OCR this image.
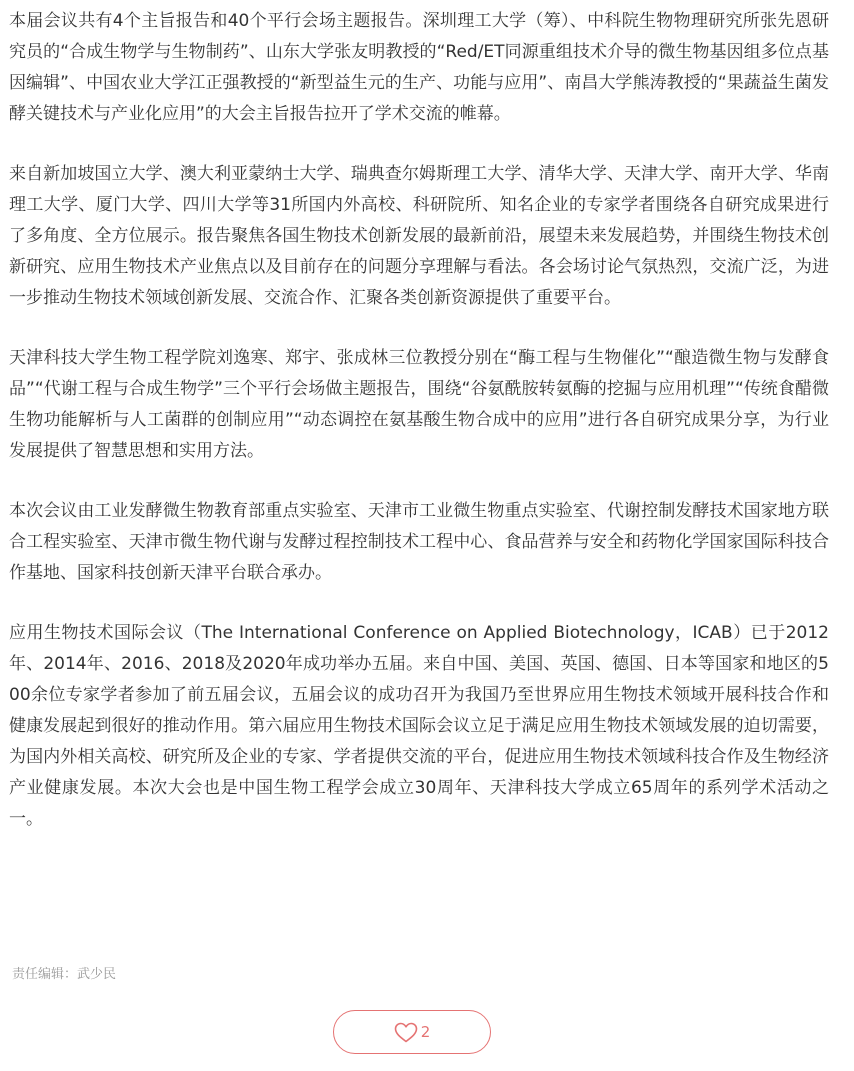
本届会议共有4个主旨报告和40个平行会场主题报告。深圳理工大学（筹）、中科院生物物理研究所张先恩研究员的“合成生物学与生物制药”、山东大学张友明教授的“Red/ET同源重组技术介导的微生物基因组多位点基因编辑”、中国农业大学江正强教授的“新型益生元的生产、功能与应用”、南昌大学熊涛教授的“果蔬益生菌发酵关键技术与产业化应用”的大会主旨报告拉开了学术交流的帷幕。

来自新加坡国立大学、澳大利亚蒙纳士大学、瑞典查尔姆斯理工大学、清华大学、天津大学、南开大学、华南理工大学、厦门大学、四川大学等31所国内外高校、科研院所、知名企业的专家学者围绕各自研究成果进行了多角度、全方位展示。报告聚焦各国生物技术创新发展的最新前沿，展望未来发展趋势，并围绕生物技术创新研究、应用生物技术产业焦点以及目前存在的问题分享理解与看法。各会场讨论气氛热烈，交流广泛，为进一步推动生物技术领域创新发展、交流合作、汇聚各类创新资源提供了重要平台。

天津科技大学生物工程学院刘逸寒、郑宇、张成林三位教授分别在“酶工程与生物催化”“酿造微生物与发酵食品”“代谢工程与合成生物学”三个平行会场做主题报告，围绕“谷氨酰胺转氨酶的挖掘与应用机理”“传统食醋微生物功能解析与人工菌群的创制应用”“动态调控在氨基酸生物合成中的应用”进行各自研究成果分享，为行业发展提供了智慧思想和实用方法。

本次会议由工业发酵微生物教育部重点实验室、天津市工业微生物重点实验室、代谢控制发酵技术国家地方联合工程实验室、天津市微生物代谢与发酵过程控制技术工程中心、食品营养与安全和药物化学国家国际科技合作基地、国家科技创新天津平台联合承办。

应用生物技术国际会议（The International Conference on Applied Biotechnology，ICAB）已于2012年、2014年、2016、2018及2020年成功举办五届。来自中国、美国、英国、德国、日本等国家和地区的500余位专家学者参加了前五届会议，五届会议的成功召开为我国乃至世界应用生物技术领域开展科技合作和健康发展起到很好的推动作用。第六届应用生物技术国际会议立足于满足应用生物技术领域发展的迫切需要，为国内外相关高校、研究所及企业的专家、学者提供交流的平台，促进应用生物技术领域科技合作及生物经济产业健康发展。本次大会也是中国生物工程学会成立30周年、天津科技大学成立65周年的系列学术活动之一。

责任编辑：武少民
2
